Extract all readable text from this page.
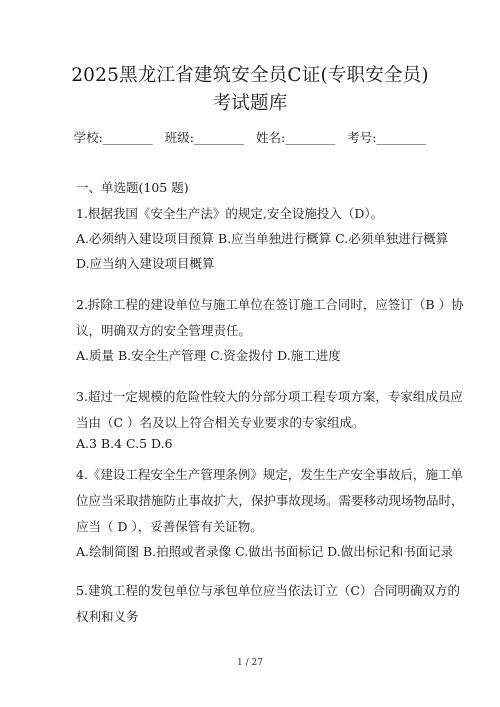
2025黑龙江省建筑安全员C证(专职安全员)
考试题库
学校:________ 班级:________ 姓名:________ 考号:________
一、单选题(105 题)
1.根据我国《安全生产法》的规定,安全设施投入（D）。
A.必须纳入建设项目预算 B.应当单独进行概算 C.必须单独进行概算
D.应当纳入建设项目概算
2.拆除工程的建设单位与施工单位在签订施工合同时，应签订（B ）协
议，明确双方的安全管理责任。
A.质量 B.安全生产管理 C.资金拨付 D.施工进度
3.超过一定规模的危险性较大的分部分项工程专项方案，专家组成员应
当由（C ）名及以上符合相关专业要求的专家组成。
A.3 B.4 C.5 D.6
4.《建设工程安全生产管理条例》规定，发生生产安全事故后，施工单
位应当采取措施防止事故扩大，保护事故现场。需要移动现场物品时，
应当（ D ），妥善保管有关证物。
A.绘制简图 B.拍照或者录像 C.做出书面标记 D.做出标记和书面记录
5.建筑工程的发包单位与承包单位应当依法订立（C）合同明确双方的
权利和义务
1 / 27
